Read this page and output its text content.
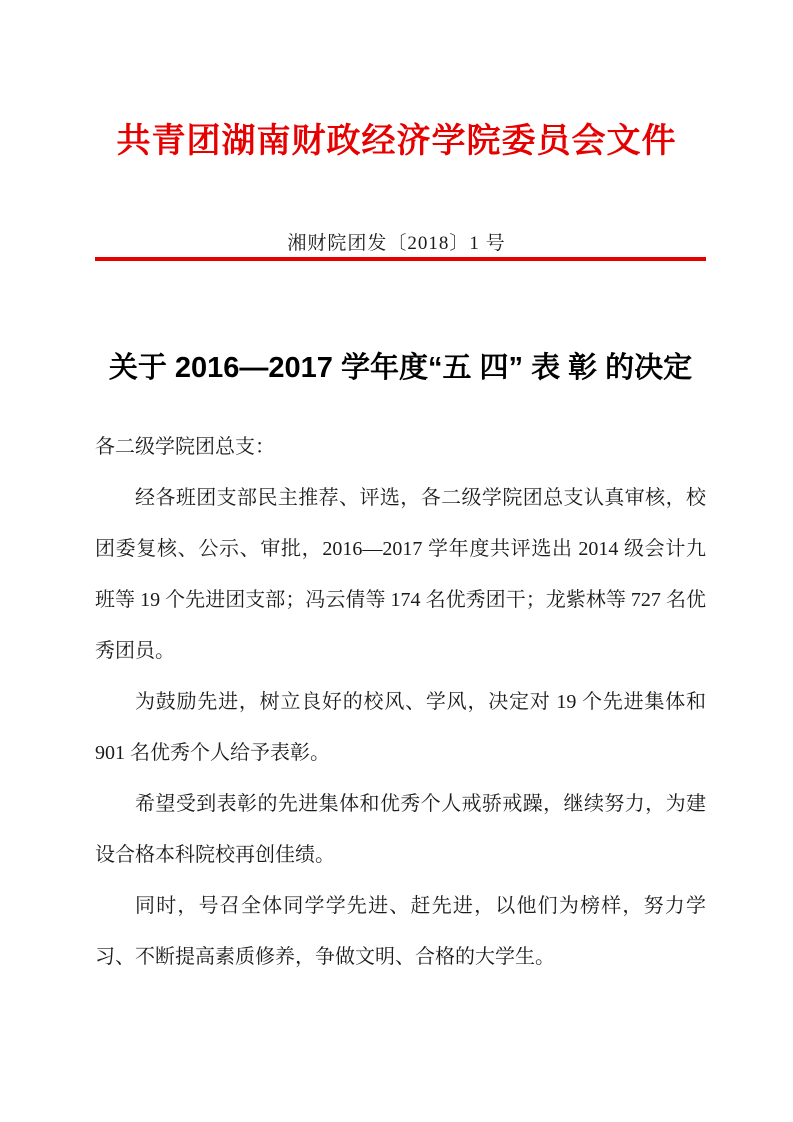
共青团湖南财政经济学院委员会文件
湘财院团发〔2018〕1 号
关于 2016—2017 学年度“五 四” 表 彰 的决定

各二级学院团总支：

经各班团支部民主推荐、评选，各二级学院团总支认真审核，校团委复核、公示、审批，2016—2017 学年度共评选出 2014 级会计九班等 19 个先进团支部；冯云倩等 174 名优秀团干；龙紫林等 727 名优秀团员。

为鼓励先进，树立良好的校风、学风，决定对 19 个先进集体和 901 名优秀个人给予表彰。

希望受到表彰的先进集体和优秀个人戒骄戒躁，继续努力，为建设合格本科院校再创佳绩。

同时，号召全体同学学先进、赶先进，以他们为榜样，努力学习、不断提高素质修养，争做文明、合格的大学生。
